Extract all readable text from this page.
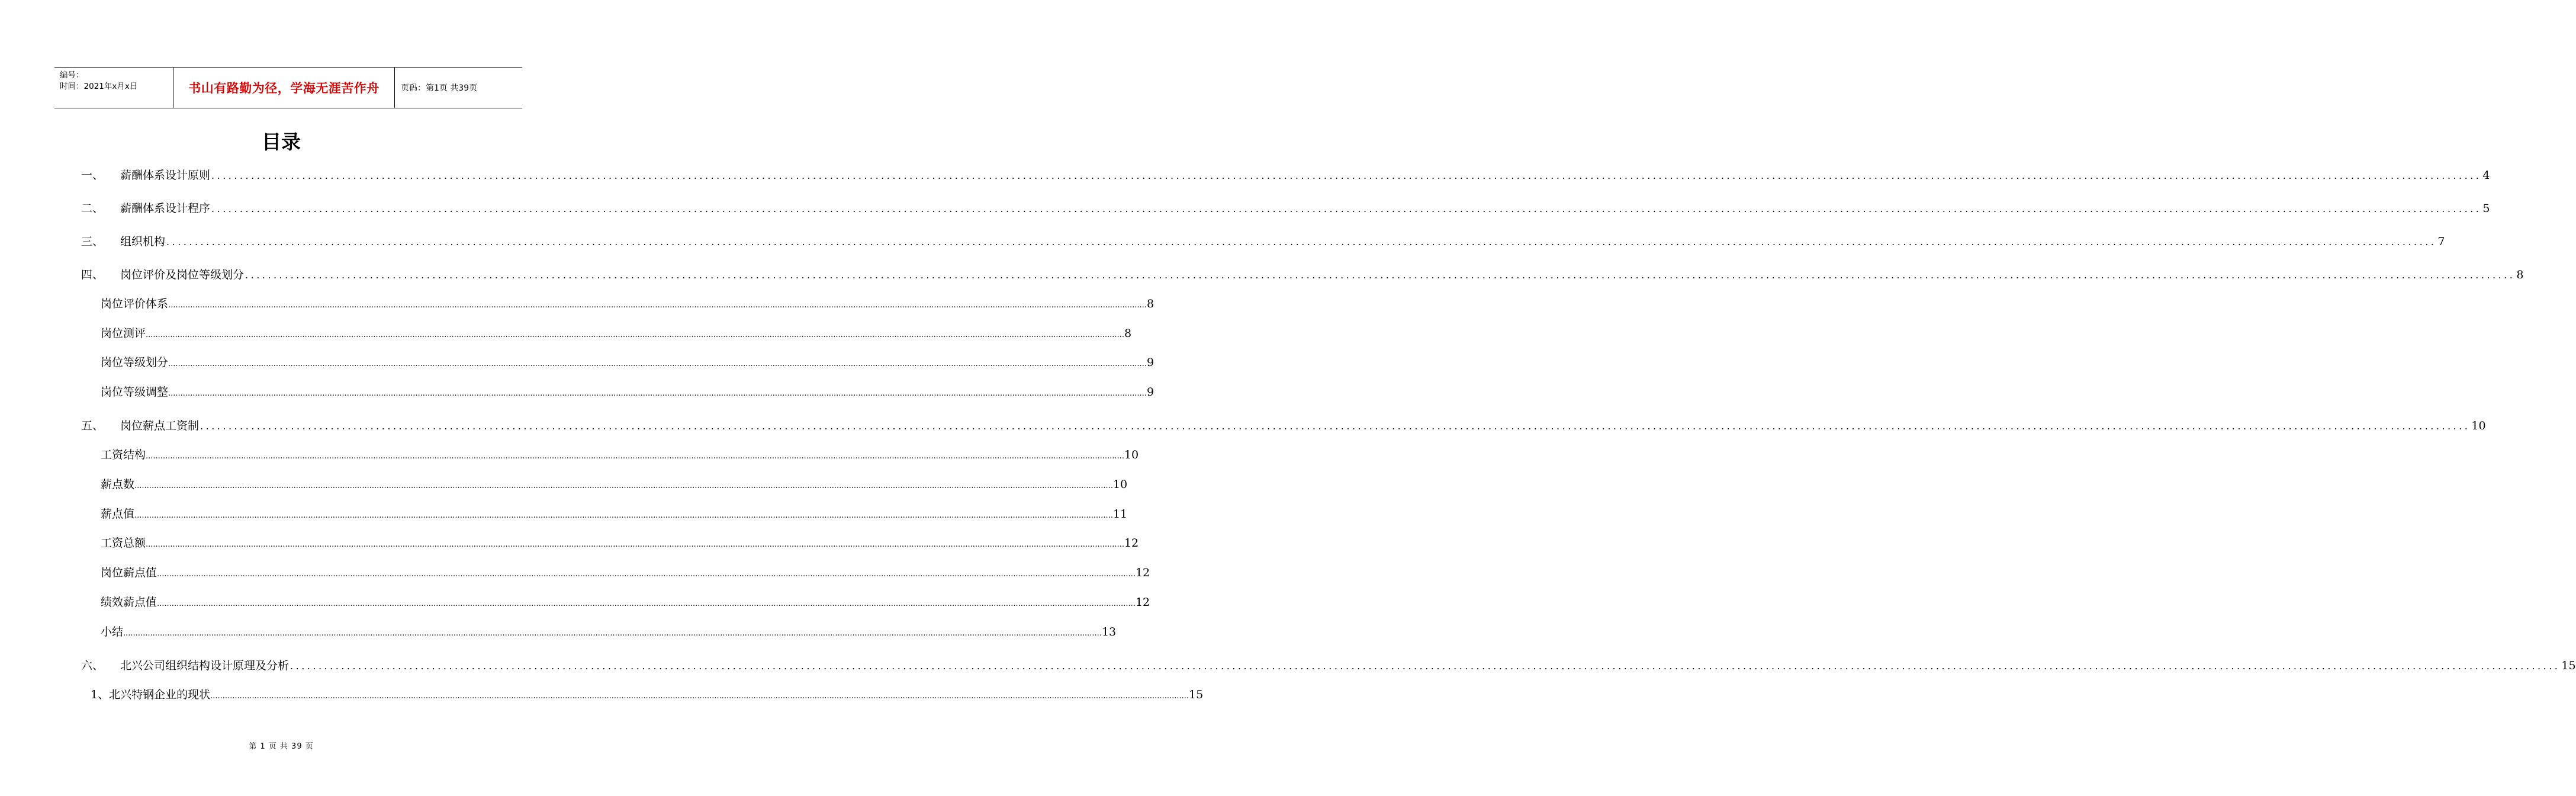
编号：
时间：2021年x月x日	书山有路勤为径，学海无涯苦作舟	页码：第1页 共39页
目录
一、	薪酬体系设计原则 ................................................................................................................................................................................................................................................................................................................................................................................................................ 4
二、	薪酬体系设计程序 ................................................................................................................................................................................................................................................................................................................................................................................................................ 5
三、	组织机构 ................................................................................................................................................................................................................................................................................................................................................................................................................ 7
四、	岗位评价及岗位等级划分 ................................................................................................................................................................................................................................................................................................................................................................................................................ 8
岗位评价体系 ................................................................................................................................................................................................................................................................................................................................................................................................................ 8
岗位测评 ................................................................................................................................................................................................................................................................................................................................................................................................................ 8
岗位等级划分 ................................................................................................................................................................................................................................................................................................................................................................................................................ 9
岗位等级调整 ................................................................................................................................................................................................................................................................................................................................................................................................................ 9
五、	岗位薪点工资制 ................................................................................................................................................................................................................................................................................................................................................................................................................ 10
工资结构 ................................................................................................................................................................................................................................................................................................................................................................................................................ 10
薪点数 ................................................................................................................................................................................................................................................................................................................................................................................................................ 10
薪点值 ................................................................................................................................................................................................................................................................................................................................................................................................................ 11
工资总额 ................................................................................................................................................................................................................................................................................................................................................................................................................ 12
岗位薪点值 ................................................................................................................................................................................................................................................................................................................................................................................................................ 12
绩效薪点值 ................................................................................................................................................................................................................................................................................................................................................................................................................ 12
小结 ................................................................................................................................................................................................................................................................................................................................................................................................................ 13
六、	北兴公司组织结构设计原理及分析 ................................................................................................................................................................................................................................................................................................................................................................................................................ 15
1、北兴特钢企业的现状 ................................................................................................................................................................................................................................................................................................................................................................................................................ 15
第 1 页 共 39 页
